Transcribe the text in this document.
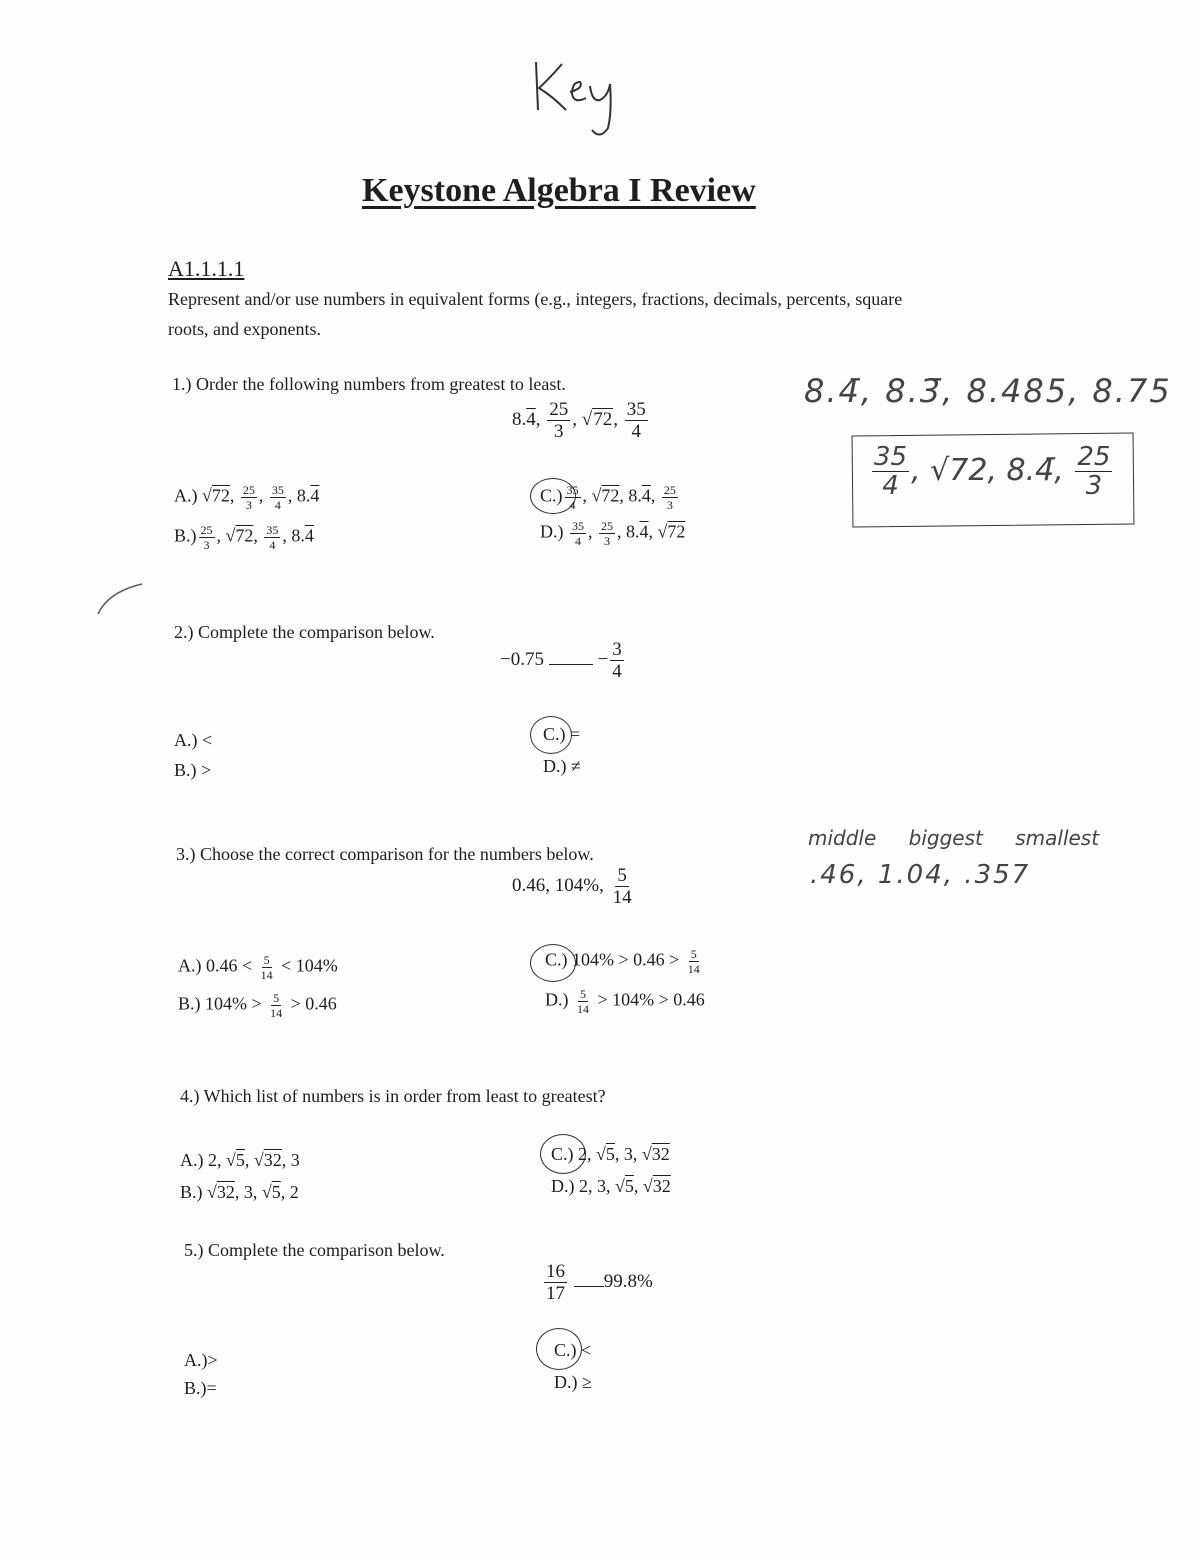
Keystone Algebra I Review
A1.1.1.1
Represent and/or use numbers in equivalent forms (e.g., integers, fractions, decimals, percents, square roots, and exponents.
8.4̄, 8.3̄, 8.485, 8.75
$\frac{35}{4}$ , √72, 8.4̄, $\frac{25}{3}$
1.) Order the following numbers from greatest to least.
8.4, $\frac{25}{3}$ , √72, $\frac{35}{4}$
A.) √72, $\frac{25}{3}$ , $\frac{35}{4}$ , 8.4
$B.) \frac{25}{3}$ , √72, $\frac{35}{4}$ , 8.4
$C.) \frac{35}{4}$ , √72, 8.4, $\frac{25}{3}$
$D.) \frac{35}{4}$ , $\frac{25}{3}$ , 8.4, √72
2.) Complete the comparison below.
$-0.75 - \frac{3}{4}$
A.) <
B.) >
C.) =
D.) ≠
middle biggest smallest
.46, 1.04, .357
3.) Choose the correct comparison for the numbers below.
0.46, 104%, $\frac{5}{14}$
A.) $0.46 < \frac{5}{14} < 104\%$
B.) $104\% > \frac{5}{14} > 0.46$
C.) $104\% > 0.46 > \frac{5}{14}$
$D.) \frac{5}{14} > 104\% > 0.46$
4.) Which list of numbers is in order from least to greatest?
A.) 2, √5, √32, 3
B.) √32, 3, √5, 2
C.) 2, √5, 3, √32
D.) 2, 3, √5, √32
5.) Complete the comparison below.
$\frac{16}{17} 99.8\%$
A.)>
B.)=
C.) <
D.) ≥
